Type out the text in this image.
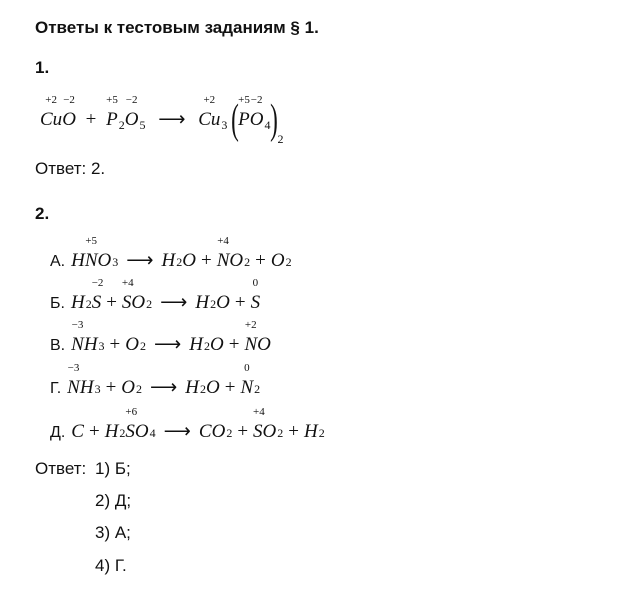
Ответы к тестовым заданиям § 1.
1.
+2
Cu
−2
O +
+5
$P_2$
−2
$O_5$ ⟶
+2
$Cu_3$ ( +5
P
−2
$O_4)_2$
Ответ: 2.
2.
А. H
+5
N O 3 ⟶ H 2 O +
+4
N O 2 + O 2
Б. H 2
−2
S +
+4
S O 2 ⟶ H 2 O +
0
S
В.
−3
N H 3 + O 2 ⟶ H 2 O +
+2
N O
Г.
−3
N H 3 + O 2 ⟶ H 2 O +
0
N 2
Д. C + H 2
+6
S O 4 ⟶ C O 2 +
+4
S O 2 + H 2
Ответ: 1) Б;
2) Д;
3) А;
4) Г.
